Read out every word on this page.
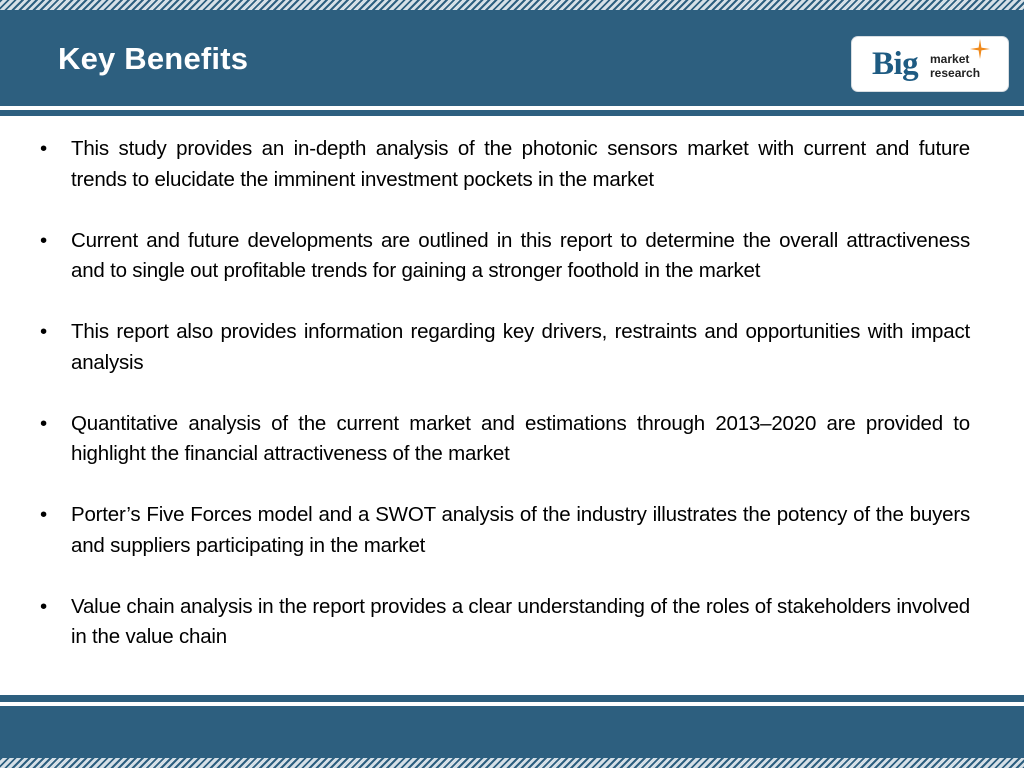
Key Benefits	Big market
research
• This study provides an in-depth analysis of the photonic sensors market with current and future trends to elucidate the imminent investment pockets in the market
• Current and future developments are outlined in this report to determine the overall attractiveness and to single out profitable trends for gaining a stronger foothold in the market
• This report also provides information regarding key drivers, restraints and opportunities with impact analysis
• Quantitative analysis of the current market and estimations through 2013–2020 are provided to highlight the financial attractiveness of the market
• Porter’s Five Forces model and a SWOT analysis of the industry illustrates the potency of the buyers and suppliers participating in the market
• Value chain analysis in the report provides a clear understanding of the roles of stakeholders involved in the value chain
